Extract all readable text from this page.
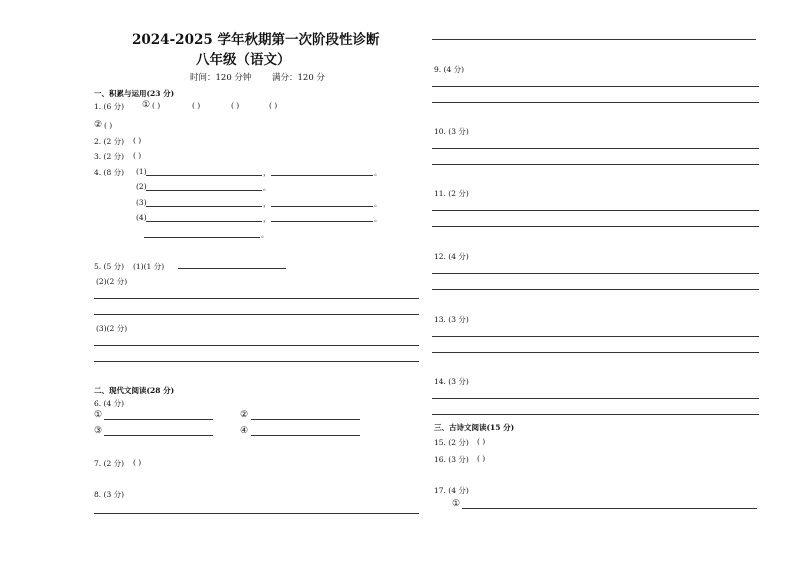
2024-2025 学年秋期第一次阶段性诊断
八年级（语文）
时间：120 分钟 满分：120 分
一、积累与运用(23 分)
1. (6 分) ① ( )	( )	( )	( )
② ( )
2. (2 分) ( )
3. (2 分) ( )
4. (8 分) (1)	，	。
(2)	。
(3)	，	。
(4)	，	。
。
5. (5 分) (1)(1 分)
(2)(2 分)
(3)(2 分)
二、现代文阅读(28 分)
6. (4 分)
①	②
③	④
7. (2 分) ( )
8. (3 分)
9. (4 分)
10. (3 分)
11. (2 分)
12. (4 分)
13. (3 分)
14. (3 分)
三、古诗文阅读(15 分)
15. (2 分) ( )
16. (3 分) ( )
17. (4 分)
①
